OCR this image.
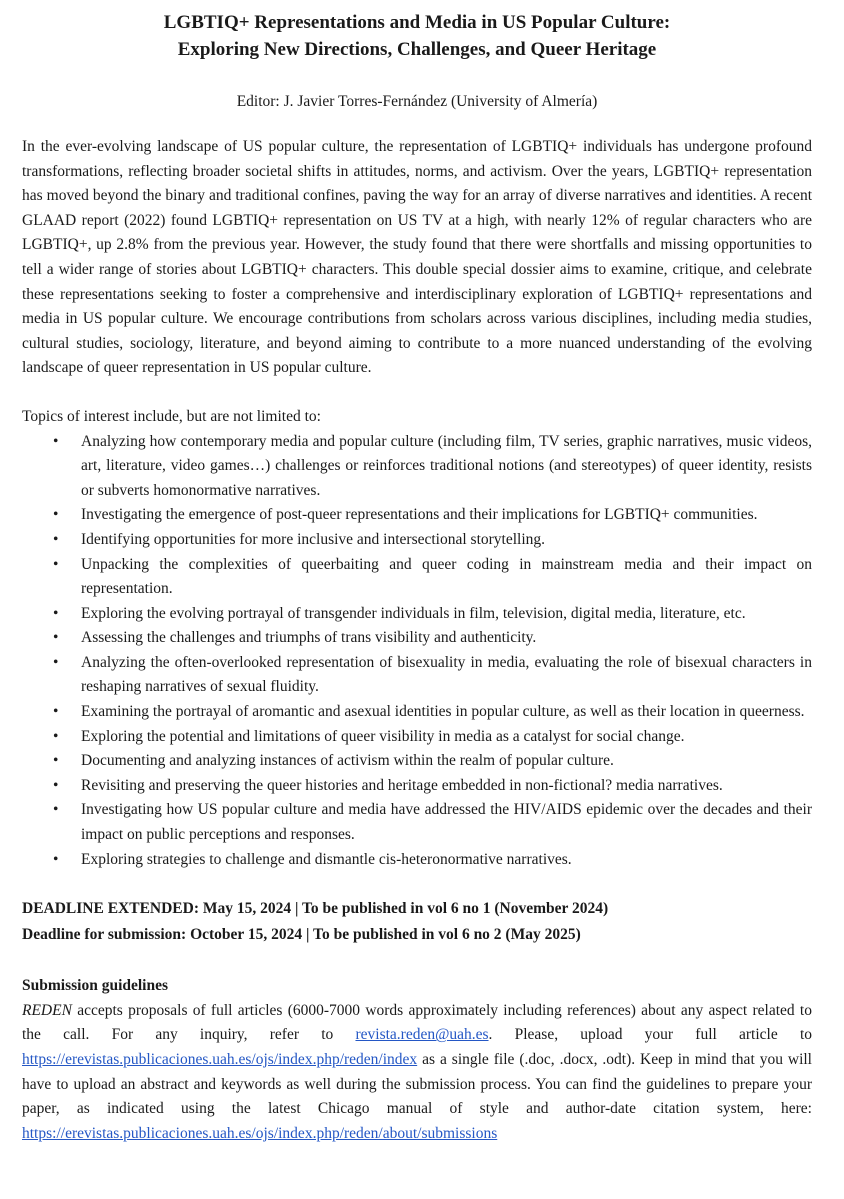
LGBTIQ+ Representations and Media in US Popular Culture:
Exploring New Directions, Challenges, and Queer Heritage
Editor: J. Javier Torres-Fernández (University of Almería)

In the ever-evolving landscape of US popular culture, the representation of LGBTIQ+ individuals has undergone profound transformations, reflecting broader societal shifts in attitudes, norms, and activism. Over the years, LGBTIQ+ representation has moved beyond the binary and traditional confines, paving the way for an array of diverse narratives and identities. A recent GLAAD report (2022) found LGBTIQ+ representation on US TV at a high, with nearly 12% of regular characters who are LGBTIQ+, up 2.8% from the previous year. However, the study found that there were shortfalls and missing opportunities to tell a wider range of stories about LGBTIQ+ characters. This double special dossier aims to examine, critique, and celebrate these representations seeking to foster a comprehensive and interdisciplinary exploration of LGBTIQ+ representations and media in US popular culture. We encourage contributions from scholars across various disciplines, including media studies, cultural studies, sociology, literature, and beyond aiming to contribute to a more nuanced understanding of the evolving landscape of queer representation in US popular culture.

Topics of interest include, but are not limited to:
• Analyzing how contemporary media and popular culture (including film, TV series, graphic narratives, music videos, art, literature, video games…) challenges or reinforces traditional notions (and stereotypes) of queer identity, resists or subverts homonormative narratives.
• Investigating the emergence of post-queer representations and their implications for LGBTIQ+ communities.
• Identifying opportunities for more inclusive and intersectional storytelling.
• Unpacking the complexities of queerbaiting and queer coding in mainstream media and their impact on representation.
• Exploring the evolving portrayal of transgender individuals in film, television, digital media, literature, etc.
• Assessing the challenges and triumphs of trans visibility and authenticity.
• Analyzing the often-overlooked representation of bisexuality in media, evaluating the role of bisexual characters in reshaping narratives of sexual fluidity.
• Examining the portrayal of aromantic and asexual identities in popular culture, as well as their location in queerness.
• Exploring the potential and limitations of queer visibility in media as a catalyst for social change.
• Documenting and analyzing instances of activism within the realm of popular culture.
• Revisiting and preserving the queer histories and heritage embedded in non-fictional? media narratives.
• Investigating how US popular culture and media have addressed the HIV/AIDS epidemic over the decades and their impact on public perceptions and responses.
• Exploring strategies to challenge and dismantle cis-heteronormative narratives.
DEADLINE EXTENDED: May 15, 2024 | To be published in vol 6 no 1 (November 2024)
Deadline for submission: October 15, 2024 | To be published in vol 6 no 2 (May 2025)
Submission guidelines
REDEN accepts proposals of full articles (6000-7000 words approximately including references) about any aspect related to the call. For any inquiry, refer to revista.reden@uah.es. Please, upload your full article to https://erevistas.publicaciones.uah.es/ojs/index.php/reden/index as a single file (.doc, .docx, .odt). Keep in mind that you will have to upload an abstract and keywords as well during the submission process. You can find the guidelines to prepare your paper, as indicated using the latest Chicago manual of style and author-date citation system, here: https://erevistas.publicaciones.uah.es/ojs/index.php/reden/about/submissions
